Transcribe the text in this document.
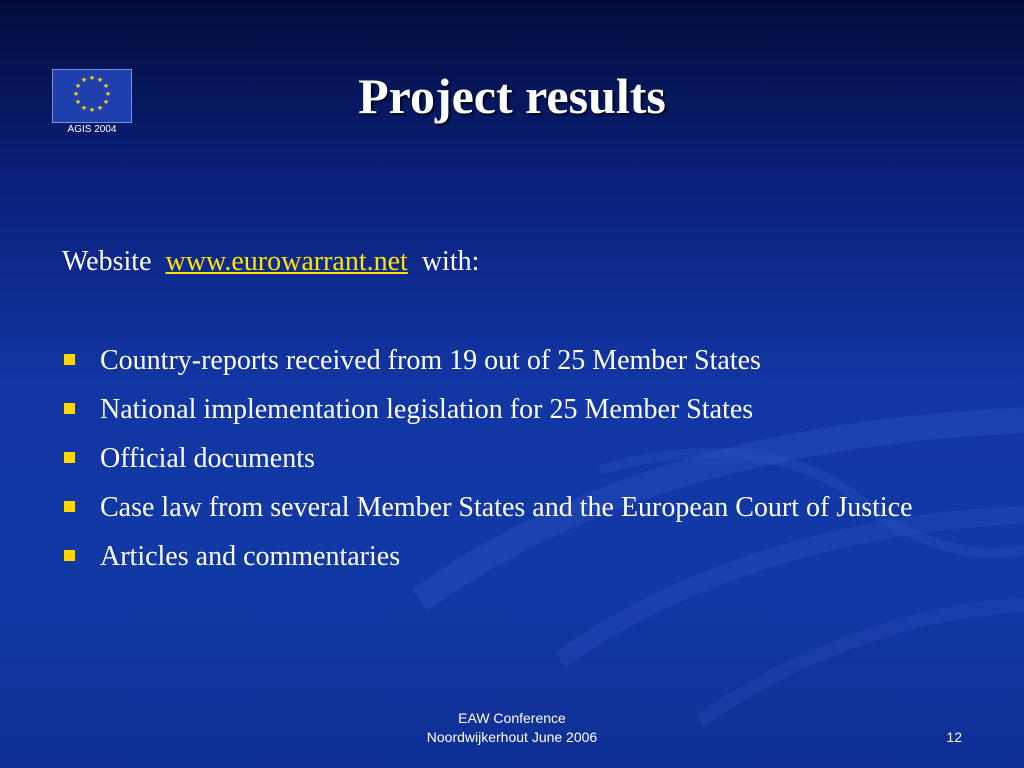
★ ★
★
★
★
★
★
★
★
★
★
★
AGIS 2004
Project results
Website  www.eurowarrant.net  with:
Country-reports received from 19 out of 25 Member States
National implementation legislation for 25 Member States
Official documents
Case law from several Member States and the European Court of Justice
Articles and commentaries
EAW Conference
Noordwijkerhout June 2006	12
